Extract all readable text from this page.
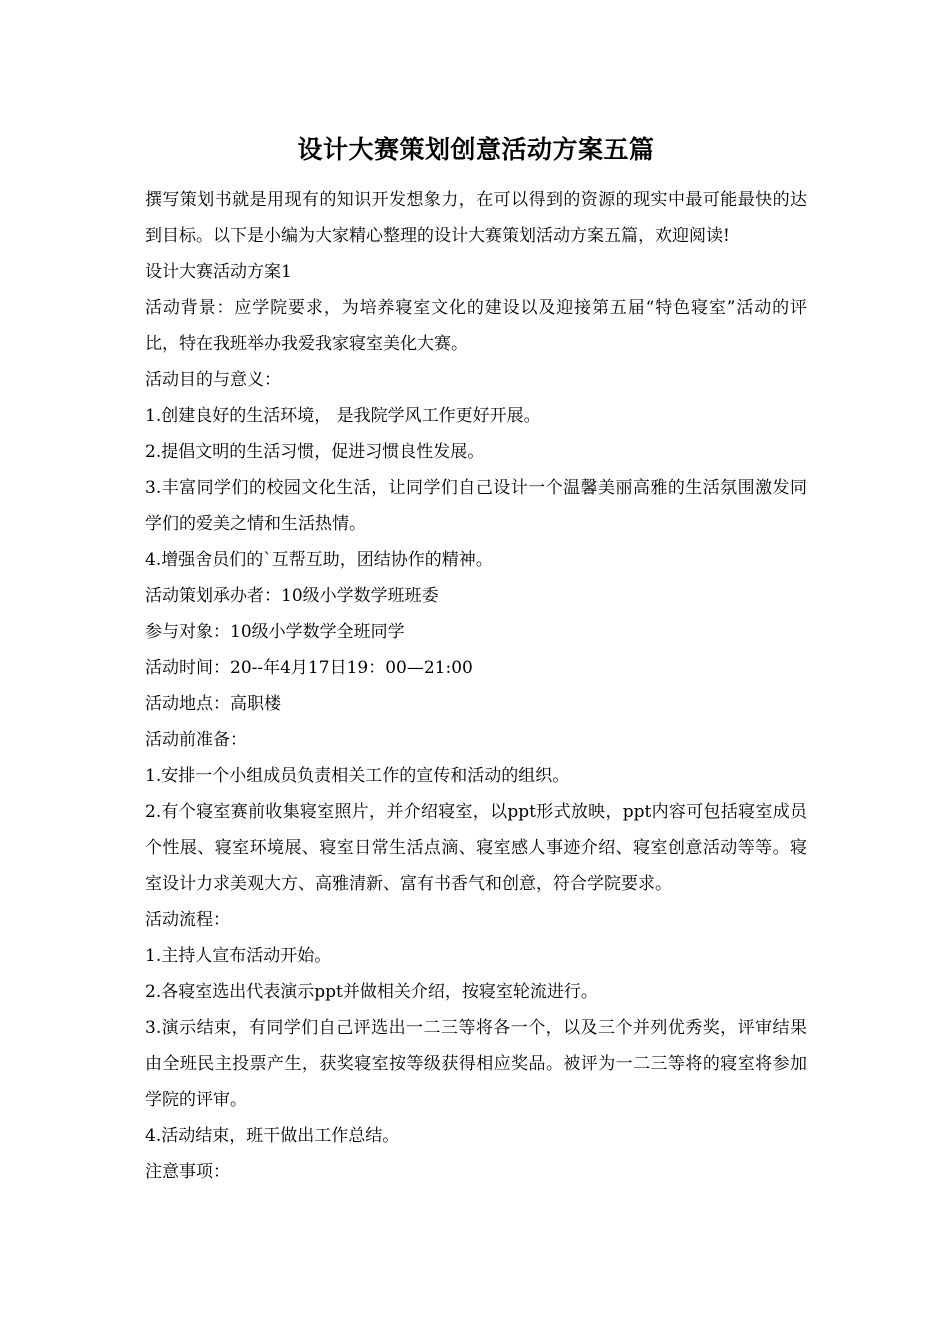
设计大赛策划创意活动方案五篇

撰写策划书就是用现有的知识开发想象力，在可以得到的资源的现实中最可能最快的达到目标。以下是小编为大家精心整理的设计大赛策划活动方案五篇，欢迎阅读!

设计大赛活动方案1

活动背景：应学院要求，为培养寝室文化的建设以及迎接第五届“特色寝室”活动的评比，特在我班举办我爱我家寝室美化大赛。

活动目的与意义：

1.创建良好的生活环境， 是我院学风工作更好开展。

2.提倡文明的生活习惯，促进习惯良性发展。

3.丰富同学们的校园文化生活，让同学们自己设计一个温馨美丽高雅的生活氛围激发同学们的爱美之情和生活热情。

4.增强舍员们的`互帮互助，团结协作的精神。

活动策划承办者：10级小学数学班班委

参与对象：10级小学数学全班同学

活动时间：20--年4月17日19：00—21:00

活动地点：高职楼

活动前准备：

1.安排一个小组成员负责相关工作的宣传和活动的组织。

2.有个寝室赛前收集寝室照片，并介绍寝室，以ppt形式放映，ppt内容可包括寝室成员个性展、寝室环境展、寝室日常生活点滴、寝室感人事迹介绍、寝室创意活动等等。寝室设计力求美观大方、高雅清新、富有书香气和创意，符合学院要求。

活动流程：

1.主持人宣布活动开始。

2.各寝室选出代表演示ppt并做相关介绍，按寝室轮流进行。

3.演示结束，有同学们自己评选出一二三等将各一个，以及三个并列优秀奖，评审结果由全班民主投票产生，获奖寝室按等级获得相应奖品。被评为一二三等将的寝室将参加学院的评审。

4.活动结束，班干做出工作总结。

注意事项：
